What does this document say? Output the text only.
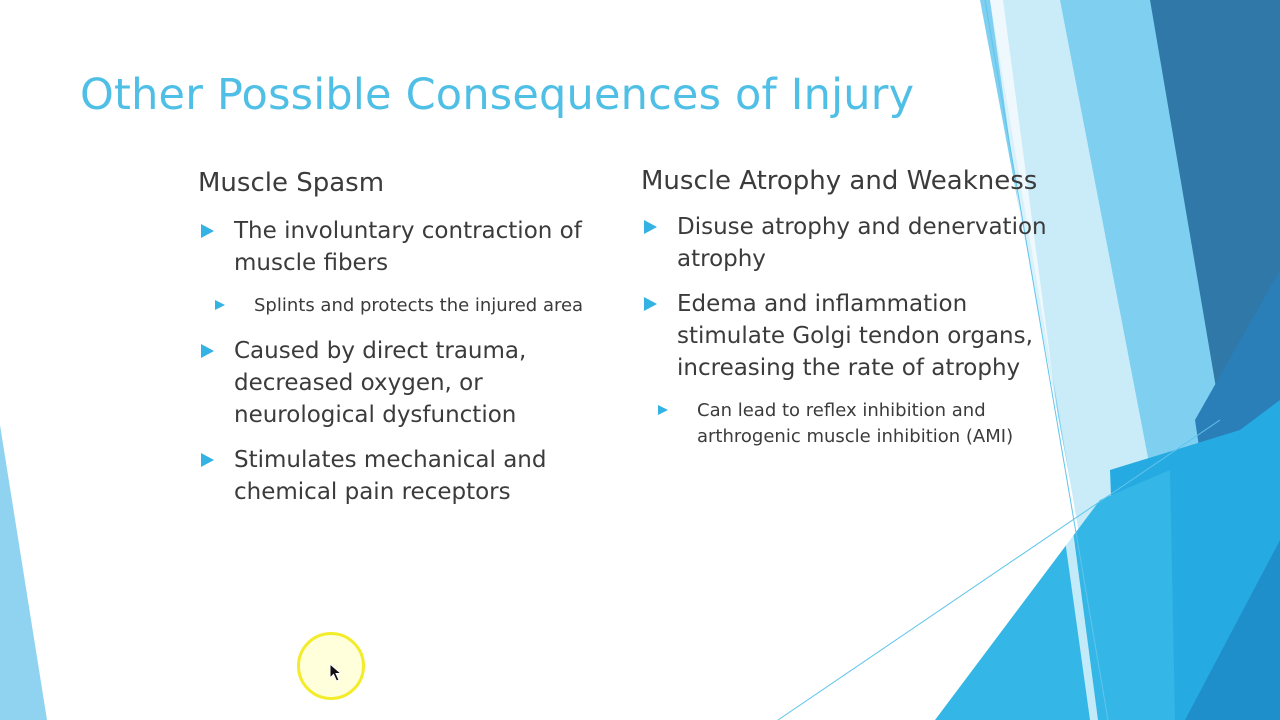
Other Possible Consequences of Injury
Muscle Spasm
The involuntary contraction of muscle fibers
Splints and protects the injured area
Caused by direct trauma, decreased oxygen, or neurological dysfunction
Stimulates mechanical and chemical pain receptors
Muscle Atrophy and Weakness
Disuse atrophy and denervation atrophy
Edema and inflammation stimulate Golgi tendon organs, increasing the rate of atrophy
Can lead to reflex inhibition and arthrogenic muscle inhibition (AMI)
